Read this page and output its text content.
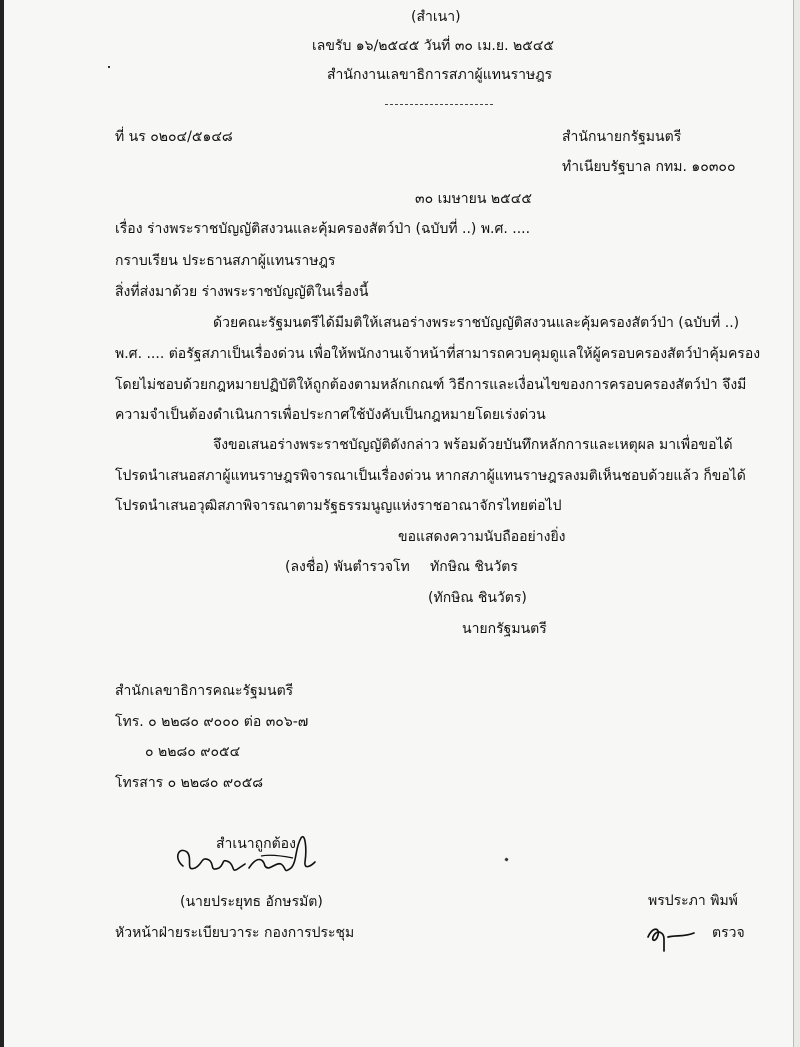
(สำเนา)
เลขรับ ๑๖/๒๕๔๕ วันที่ ๓๐ เม.ย. ๒๕๔๕
สำนักงานเลขาธิการสภาผู้แทนราษฎร
ที่ นร ๐๒๐๔/๕๑๔๘	สำนักนายกรัฐมนตรี
ทำเนียบรัฐบาล กทม. ๑๐๓๐๐
๓๐ เมษายน ๒๕๔๕
เรื่อง ร่างพระราชบัญญัติสงวนและคุ้มครองสัตว์ป่า (ฉบับที่ ..) พ.ศ. ....
กราบเรียน ประธานสภาผู้แทนราษฎร
สิ่งที่ส่งมาด้วย ร่างพระราชบัญญัติในเรื่องนี้
ด้วยคณะรัฐมนตรีได้มีมติให้เสนอร่างพระราชบัญญัติสงวนและคุ้มครองสัตว์ป่า (ฉบับที่ ..)
พ.ศ. .... ต่อรัฐสภาเป็นเรื่องด่วน เพื่อให้พนักงานเจ้าหน้าที่สามารถควบคุมดูแลให้ผู้ครอบครองสัตว์ป่าคุ้มครอง
โดยไม่ชอบด้วยกฎหมายปฏิบัติให้ถูกต้องตามหลักเกณฑ์ วิธีการและเงื่อนไขของการครอบครองสัตว์ป่า จึงมี
ความจำเป็นต้องดำเนินการเพื่อประกาศใช้บังคับเป็นกฎหมายโดยเร่งด่วน
จึงขอเสนอร่างพระราชบัญญัติดังกล่าว พร้อมด้วยบันทึกหลักการและเหตุผล มาเพื่อขอได้
โปรดนำเสนอสภาผู้แทนราษฎรพิจารณาเป็นเรื่องด่วน หากสภาผู้แทนราษฎรลงมติเห็นชอบด้วยแล้ว ก็ขอได้
โปรดนำเสนอวุฒิสภาพิจารณาตามรัฐธรรมนูญแห่งราชอาณาจักรไทยต่อไป
ขอแสดงความนับถืออย่างยิ่ง
(ลงชื่อ) พันตำรวจโท ทักษิณ ชินวัตร
(ทักษิณ ชินวัตร)
นายกรัฐมนตรี
สำนักเลขาธิการคณะรัฐมนตรี
โทร. ๐ ๒๒๘๐ ๙๐๐๐ ต่อ ๓๐๖-๗
๐ ๒๒๘๐ ๙๐๕๔
โทรสาร ๐ ๒๒๘๐ ๙๐๕๘
สำเนาถูกต้อง
(นายประยุทธ อักษรมัต)
หัวหน้าฝ่ายระเบียบวาระ กองการประชุม
พรประภา พิมพ์
ตรวจ
